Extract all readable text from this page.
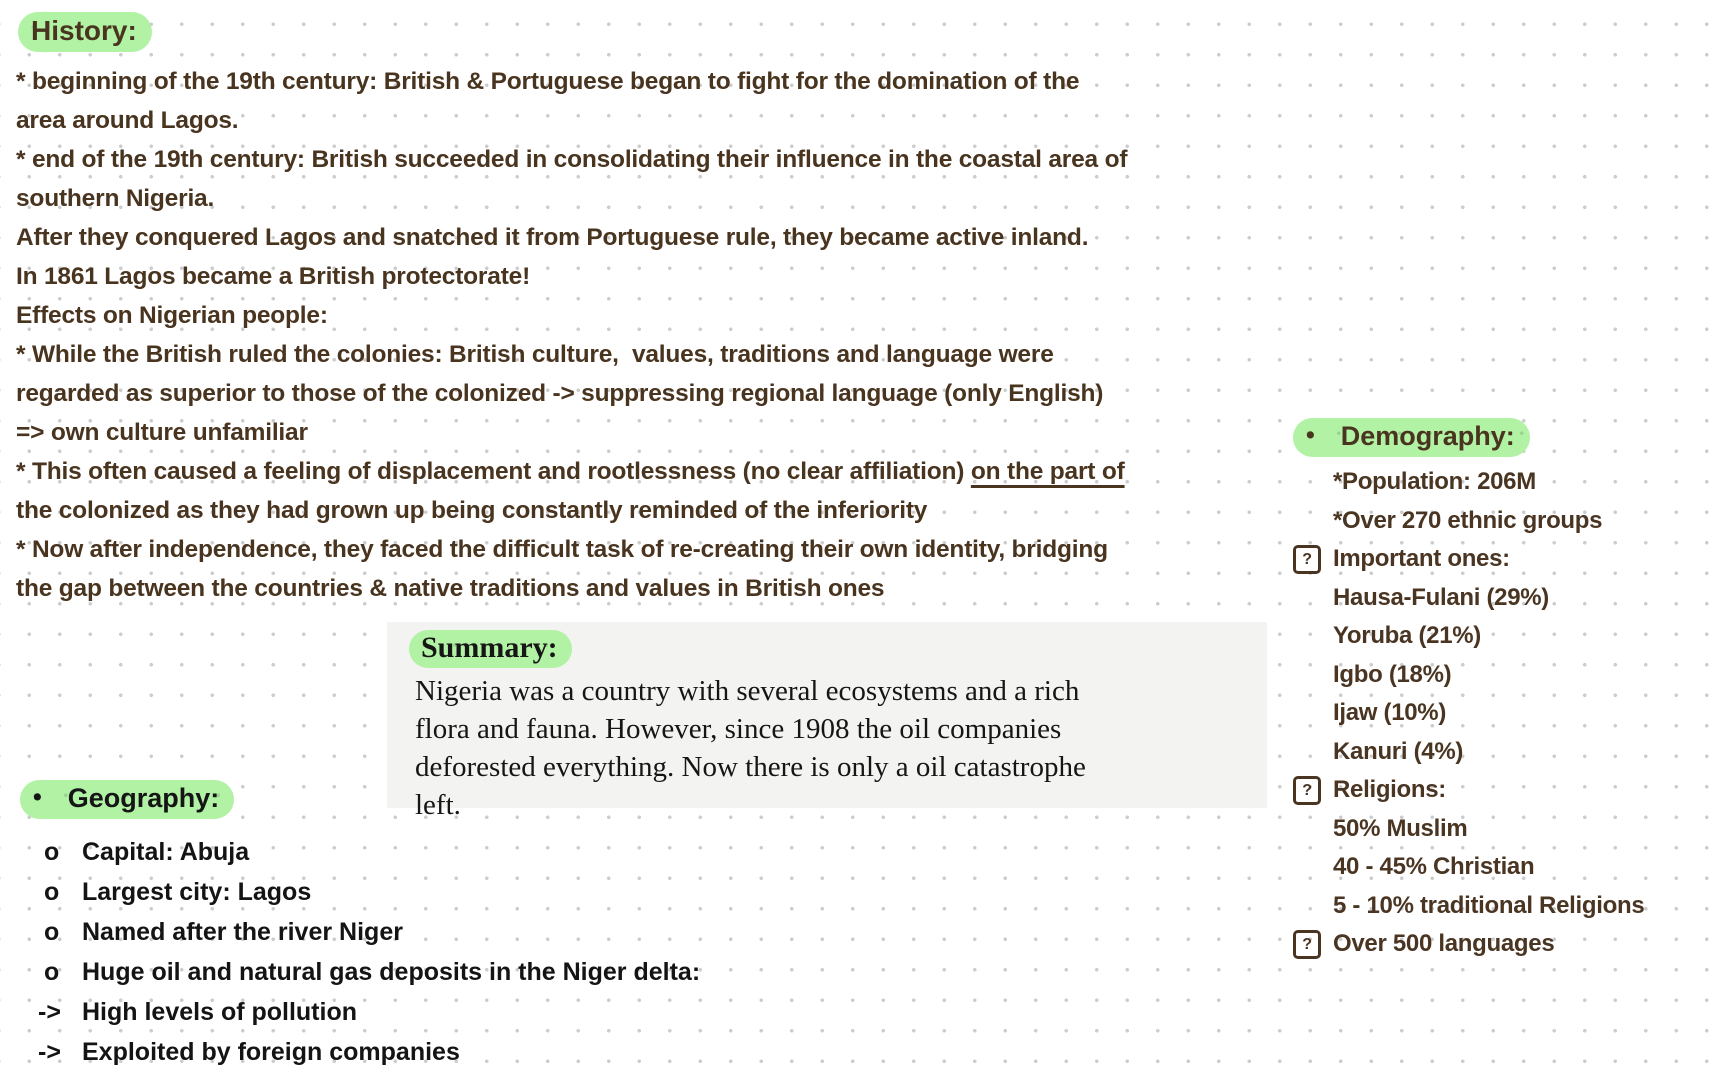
History:
* beginning of the 19th century: British & Portuguese began to fight for the domination of the
area around Lagos.
* end of the 19th century: British succeeded in consolidating their influence in the coastal area of
southern Nigeria.
After they conquered Lagos and snatched it from Portuguese rule, they became active inland.
In 1861 Lagos became a British protectorate!
Effects on Nigerian people:
* While the British ruled the colonies: British culture,  values, traditions and language were
regarded as superior to those of the colonized -> suppressing regional language (only English)
=> own culture unfamiliar
* This often caused a feeling of displacement and rootlessness (no clear affiliation) on the part of
the colonized as they had grown up being constantly reminded of the inferiority
* Now after independence, they faced the difficult task of re-creating their own identity, bridging
the gap between the countries & native traditions and values in British ones
Summary:
Nigeria was a country with several ecosystems and a rich
flora and fauna. However, since 1908 the oil companies
deforested everything. Now there is only a oil catastrophe
left.
• Geography:
o Capital: Abuja
o Largest city: Lagos
o Named after the river Niger
o Huge oil and natural gas deposits in the Niger delta:
-> High levels of pollution
-> Exploited by foreign companies
• Demography:
*Population: 206M
*Over 270 ethnic groups
? Important ones:
Hausa-Fulani (29%)
Yoruba (21%)
Igbo (18%)
Ijaw (10%)
Kanuri (4%)
? Religions:
50% Muslim
40 - 45% Christian
5 - 10% traditional Religions
? Over 500 languages
